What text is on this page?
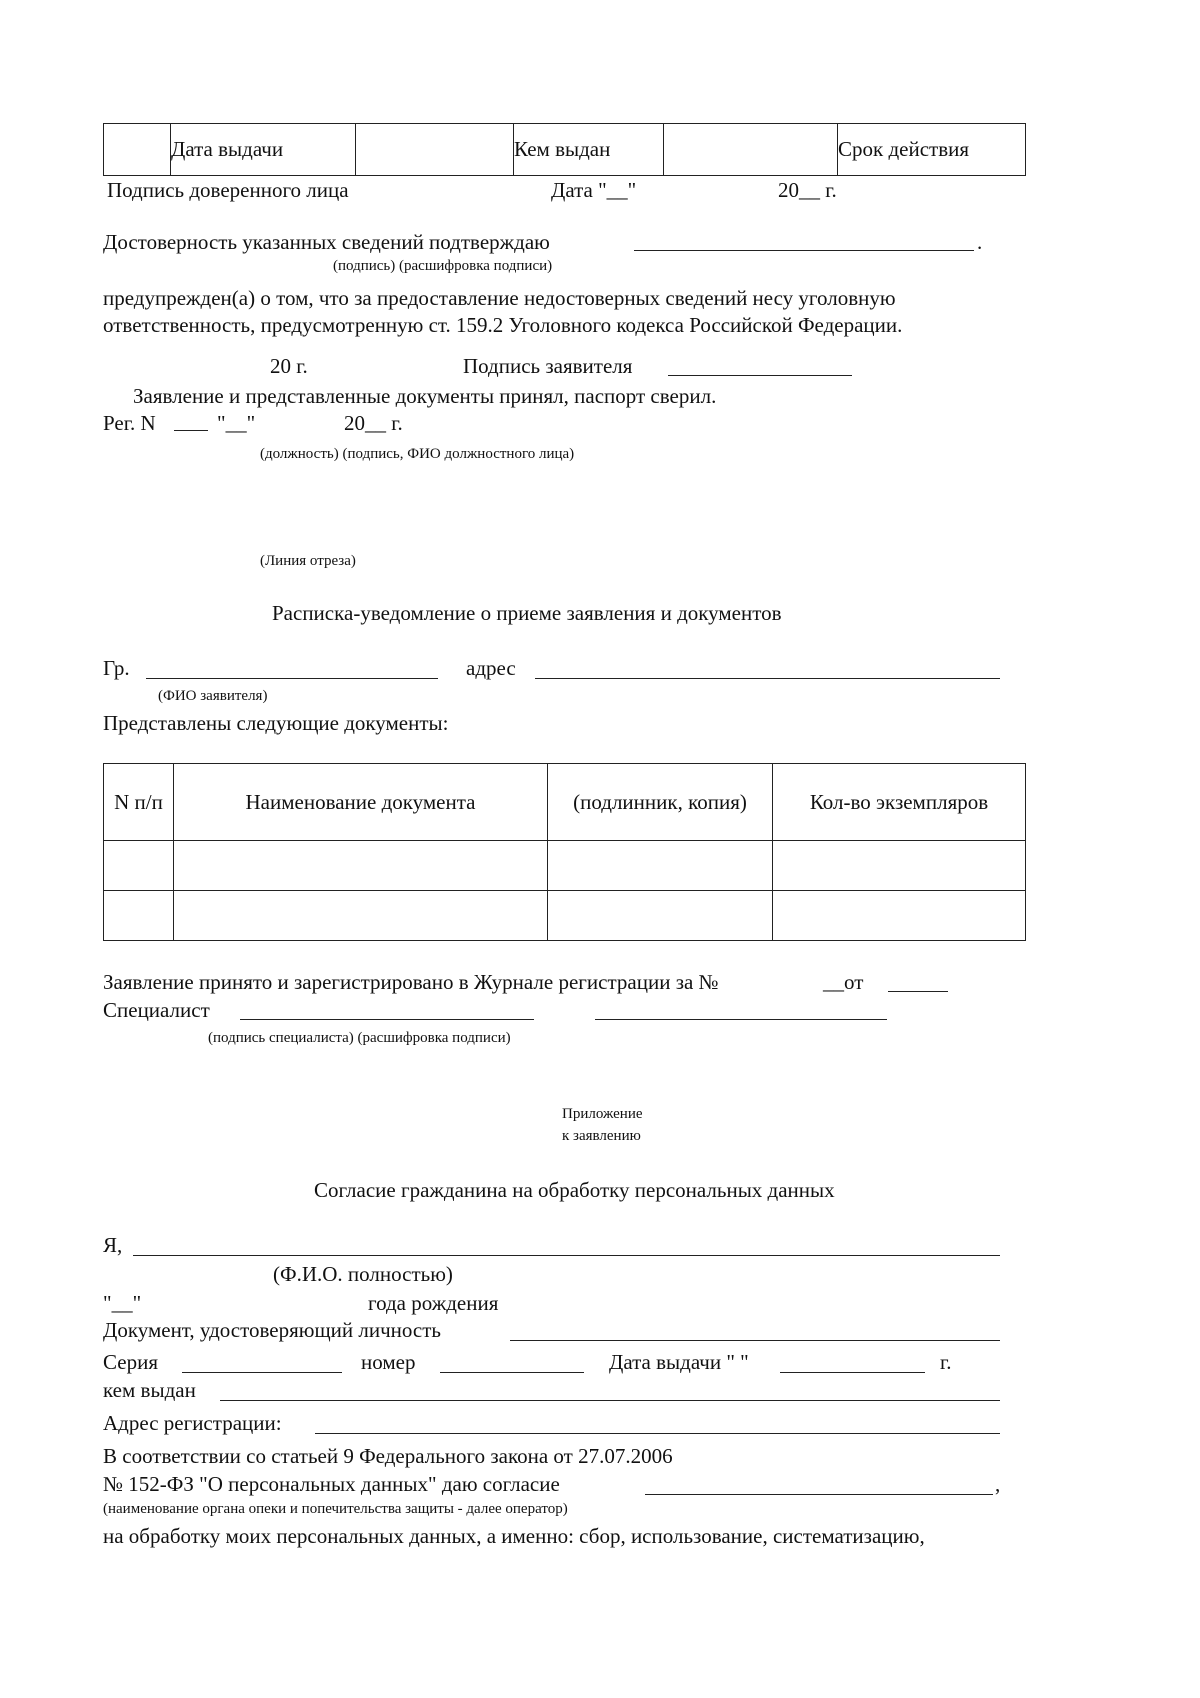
	Дата выдачи		Кем выдан		Срок действия
Подпись доверенного лица	Дата "__"	20__ г.
Достоверность указанных сведений подтверждаю	.
(подпись) (расшифровка подписи)
предупрежден(а) о том, что за предоставление недостоверных сведений несу уголовную
ответственность, предусмотренную ст. 159.2 Уголовного кодекса Российской Федерации.
20 г.	Подпись заявителя
Заявление и представленные документы принял, паспорт сверил.
Рег. N	"__"	20__ г.
(должность) (подпись, ФИО должностного лица)
(Линия отреза)
Расписка-уведомление о приеме заявления и документов
Гр.	адрес
(ФИО заявителя)
Представлены следующие документы:
N п/п	Наименование документа	(подлинник, копия)	Кол-во экземпляров

Заявление принято и зарегистрировано в Журнале регистрации за №	__от
Специалист
(подпись специалиста) (расшифровка подписи)
Приложение
к заявлению
Согласие гражданина на обработку персональных данных
Я,
(Ф.И.О. полностью)
"__"	года рождения
Документ, удостоверяющий личность
Серия	номер	Дата выдачи " "	г.
кем выдан
Адрес регистрации:
В соответствии со статьей 9 Федерального закона от 27.07.2006
№ 152-ФЗ "О персональных данных" даю согласие	,
(наименование органа опеки и попечительства защиты - далее оператор)
на обработку моих персональных данных, а именно: сбор, использование, систематизацию,
